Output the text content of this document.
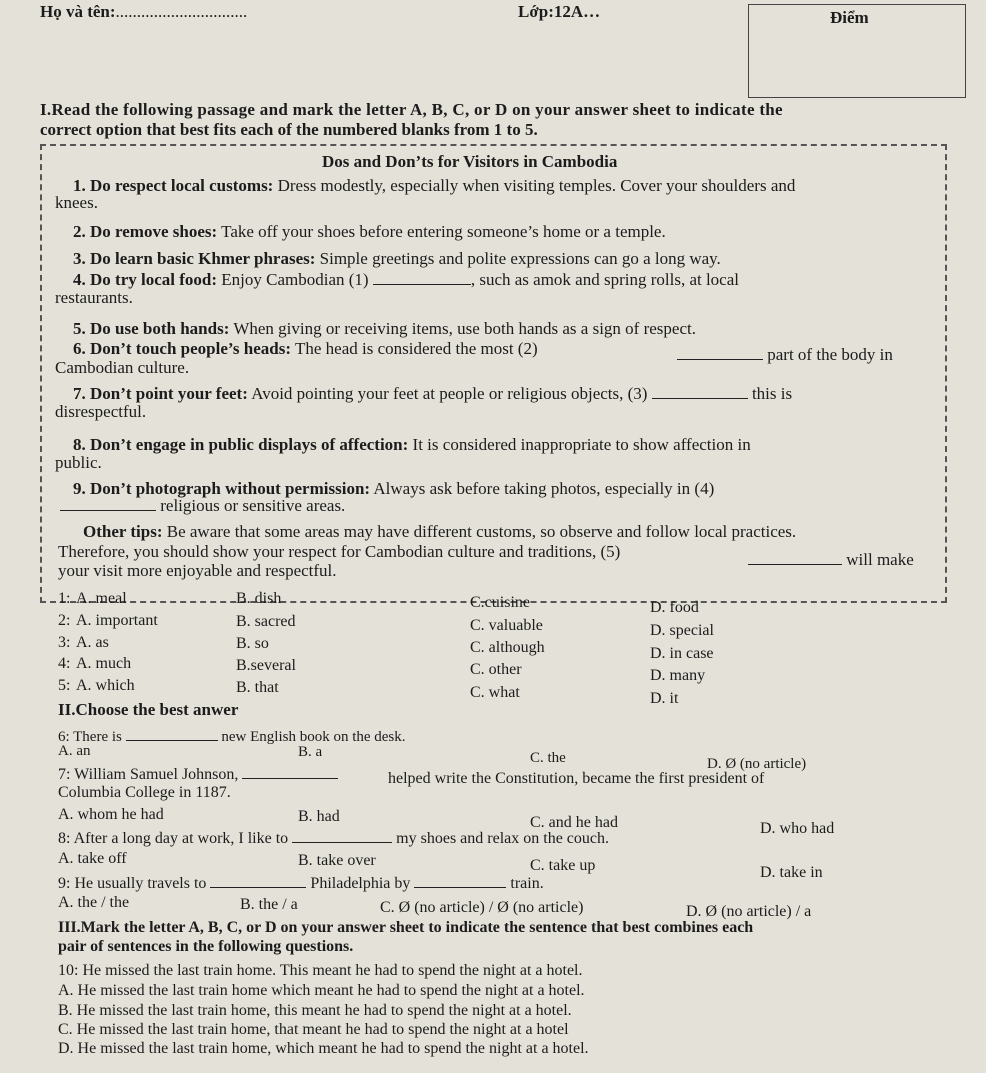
Họ và tên:...............................	Lớp:12A…	Điểm
I.Read the following passage and mark the letter A, B, C, or D on your answer sheet to indicate the
correct option that best fits each of the numbered blanks from 1 to 5.
Dos and Don’ts for Visitors in Cambodia
1. Do respect local customs: Dress modestly, especially when visiting temples. Cover your shoulders and
knees.
2. Do remove shoes: Take off your shoes before entering someone’s home or a temple.
3. Do learn basic Khmer phrases: Simple greetings and polite expressions can go a long way.
4. Do try local food: Enjoy Cambodian (1)	, such as amok and spring rolls, at local
restaurants.
5. Do use both hands: When giving or receiving items, use both hands as a sign of respect.
6. Don’t touch people’s heads: The head is considered the most (2)	part of the body in
Cambodian culture.
7. Don’t point your feet: Avoid pointing your feet at people or religious objects, (3)	this is
disrespectful.
8. Don’t engage in public displays of affection: It is considered inappropriate to show affection in
public.
9. Don’t photograph without permission: Always ask before taking photos, especially in (4)
religious or sensitive areas.
Other tips: Be aware that some areas may have different customs, so observe and follow local practices.
Therefore, you should show your respect for Cambodian culture and traditions, (5)	will make
your visit more enjoyable and respectful.
1: A. meal	B. dish	C.cuisine	D. food
2: A. important	B. sacred	C. valuable	D. special
3: A. as	B. so	C. although	D. in case
4: A. much	B.several	C. other	D. many
5: A. which	B. that	C. what	D. it
II.Choose the best anwer
6: There is	new English book on the desk.
A. an	B. a	C. the	D. Ø (no article)
7: William Samuel Johnson,	helped write the Constitution, became the first president of
Columbia College in 1187.
A. whom he had	B. had	C. and he had	D. who had
8: After a long day at work, I like to	my shoes and relax on the couch.
A. take off	B. take over	C. take up	D. take in
9: He usually travels to	Philadelphia by	train.
A. the / the	B. the / a	C. Ø (no article) / Ø (no article)	D. Ø (no article) / a
III.Mark the letter A, B, C, or D on your answer sheet to indicate the sentence that best combines each
pair of sentences in the following questions.
10: He missed the last train home. This meant he had to spend the night at a hotel.
A. He missed the last train home which meant he had to spend the night at a hotel.
B. He missed the last train home, this meant he had to spend the night at a hotel.
C. He missed the last train home, that meant he had to spend the night at a hotel
D. He missed the last train home, which meant he had to spend the night at a hotel.
